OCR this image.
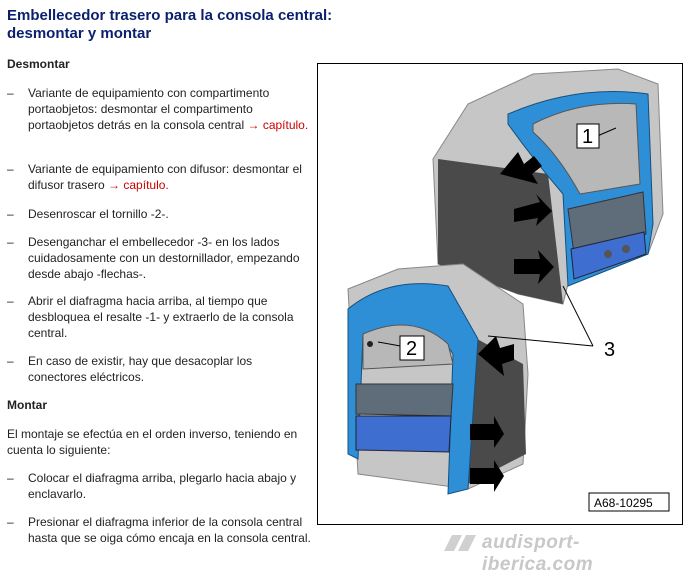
Embellecedor trasero para la consola central:
desmontar y montar
Desmontar
– Variante de equipamiento con compartimento portaobjetos: desmontar el compartimento portaobjetos detrás en la consola central → capítulo.
– Variante de equipamiento con difusor: desmontar el difusor trasero → capítulo.
– Desenroscar el tornillo -2-.
– Desenganchar el embellecedor -3- en los lados cuidadosamente con un destornillador, empezando desde abajo -flechas-.
– Abrir el diafragma hacia arriba, al tiempo que desbloquea el resalte -1- y extraerlo de la consola central.
– En caso de existir, hay que desacoplar los conectores eléctricos.
Montar
El montaje se efectúa en el orden inverso, teniendo en cuenta lo siguiente:
– Colocar el diafragma arriba, plegarlo hacia abajo y enclavarlo.
– Presionar el diafragma inferior de la consola central hasta que se oiga cómo encaja en la consola central.
1
2	3
A68-10295
audisport-iberica.com
